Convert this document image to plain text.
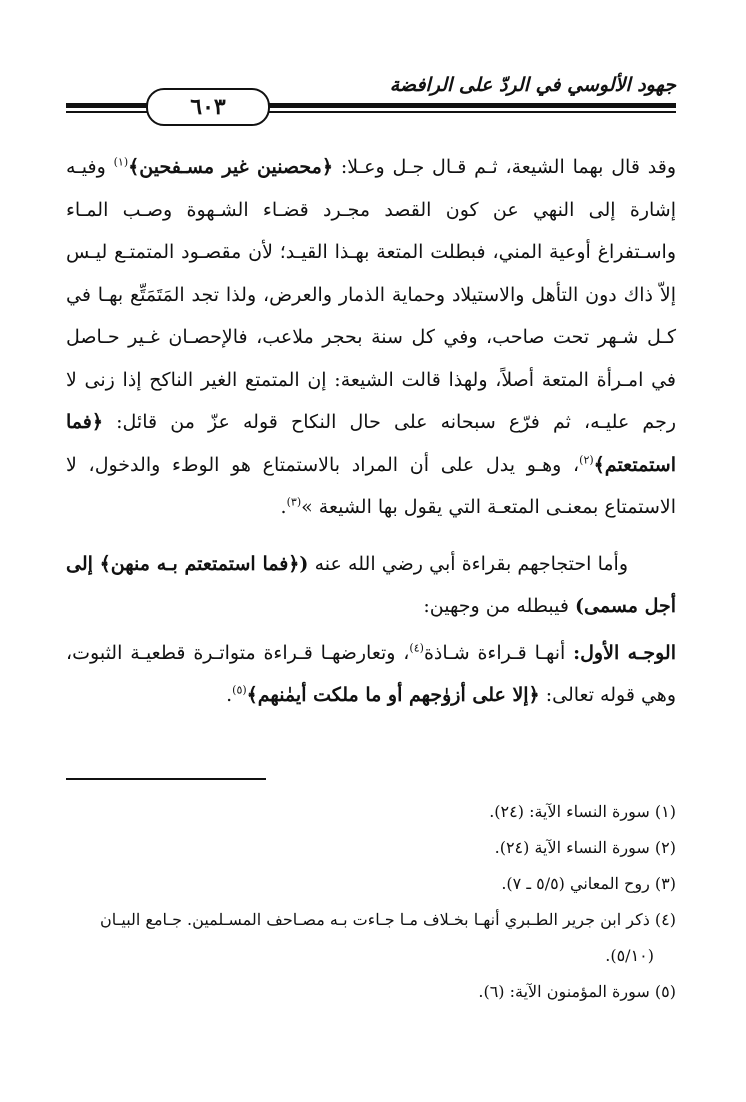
جهود الألوسي في الردّ على الرافضة
٦٠٣

وقد قال بهما الشيعة، ثـم قـال جـل وعـلا: ﴿محصنين غير مسـفحين﴾$^{(١)}$ وفيـه إشارة إلى النهي عن كون القصد مجـرد قضـاء الشـهوة وصـب المـاء واسـتفراغ أوعية المني، فبطلت المتعة بهـذا القيـد؛ لأن مقصـود المتمتـع ليـس إلاّ ذاك دون التأهل والاستيلاد وحماية الذمار والعرض، ولذا تجد المَتَمَتِّع بهـا في كـل شـهر تحت صاحب، وفي كل سنة بحجر ملاعب، فالإحصـان غـير حـاصل في امـرأة المتعة أصلاً، ولهذا قالت الشيعة: إن المتمتع الغير الناكح إذا زنى لا رجم عليـه، ثم فرّع سبحانه على حال النكاح قوله عزّ من قائل: ﴿فما استمتعتم﴾$^{(٢)}$، وهـو يدل على أن المراد بالاستمتاع هو الوطء والدخول، لا الاستمتاع بمعنـى المتعـة التي يقول بها الشيعة »$^{(٣)}$.

وأما احتجاجهم بقراءة أبي رضي الله عنه (﴿فما استمتعتم بـه منهن﴾ إلى أجل مسمى) فيبطله من وجهين:

الوجـه الأول: أنهـا قـراءة شـاذة$^{(٤)}$، وتعارضهـا قـراءة متواتـرة قطعيـة الثبوت، وهي قوله تعالى: ﴿إلا على أزوٰجهم أو ما ملكت أيمٰنهم﴾$^{(٥)}$.

(١) سورة النساء الآية: (٢٤).

(٢) سورة النساء الآية (٢٤).

(٣) روح المعاني (٥/٥ ـ ٧).

(٤) ذكر ابن جرير الطـبري أنهـا بخـلاف مـا جـاءت بـه مصـاحف المسـلمين. جـامع البيـان

(٥/١٠).

(٥) سورة المؤمنون الآية: (٦).
